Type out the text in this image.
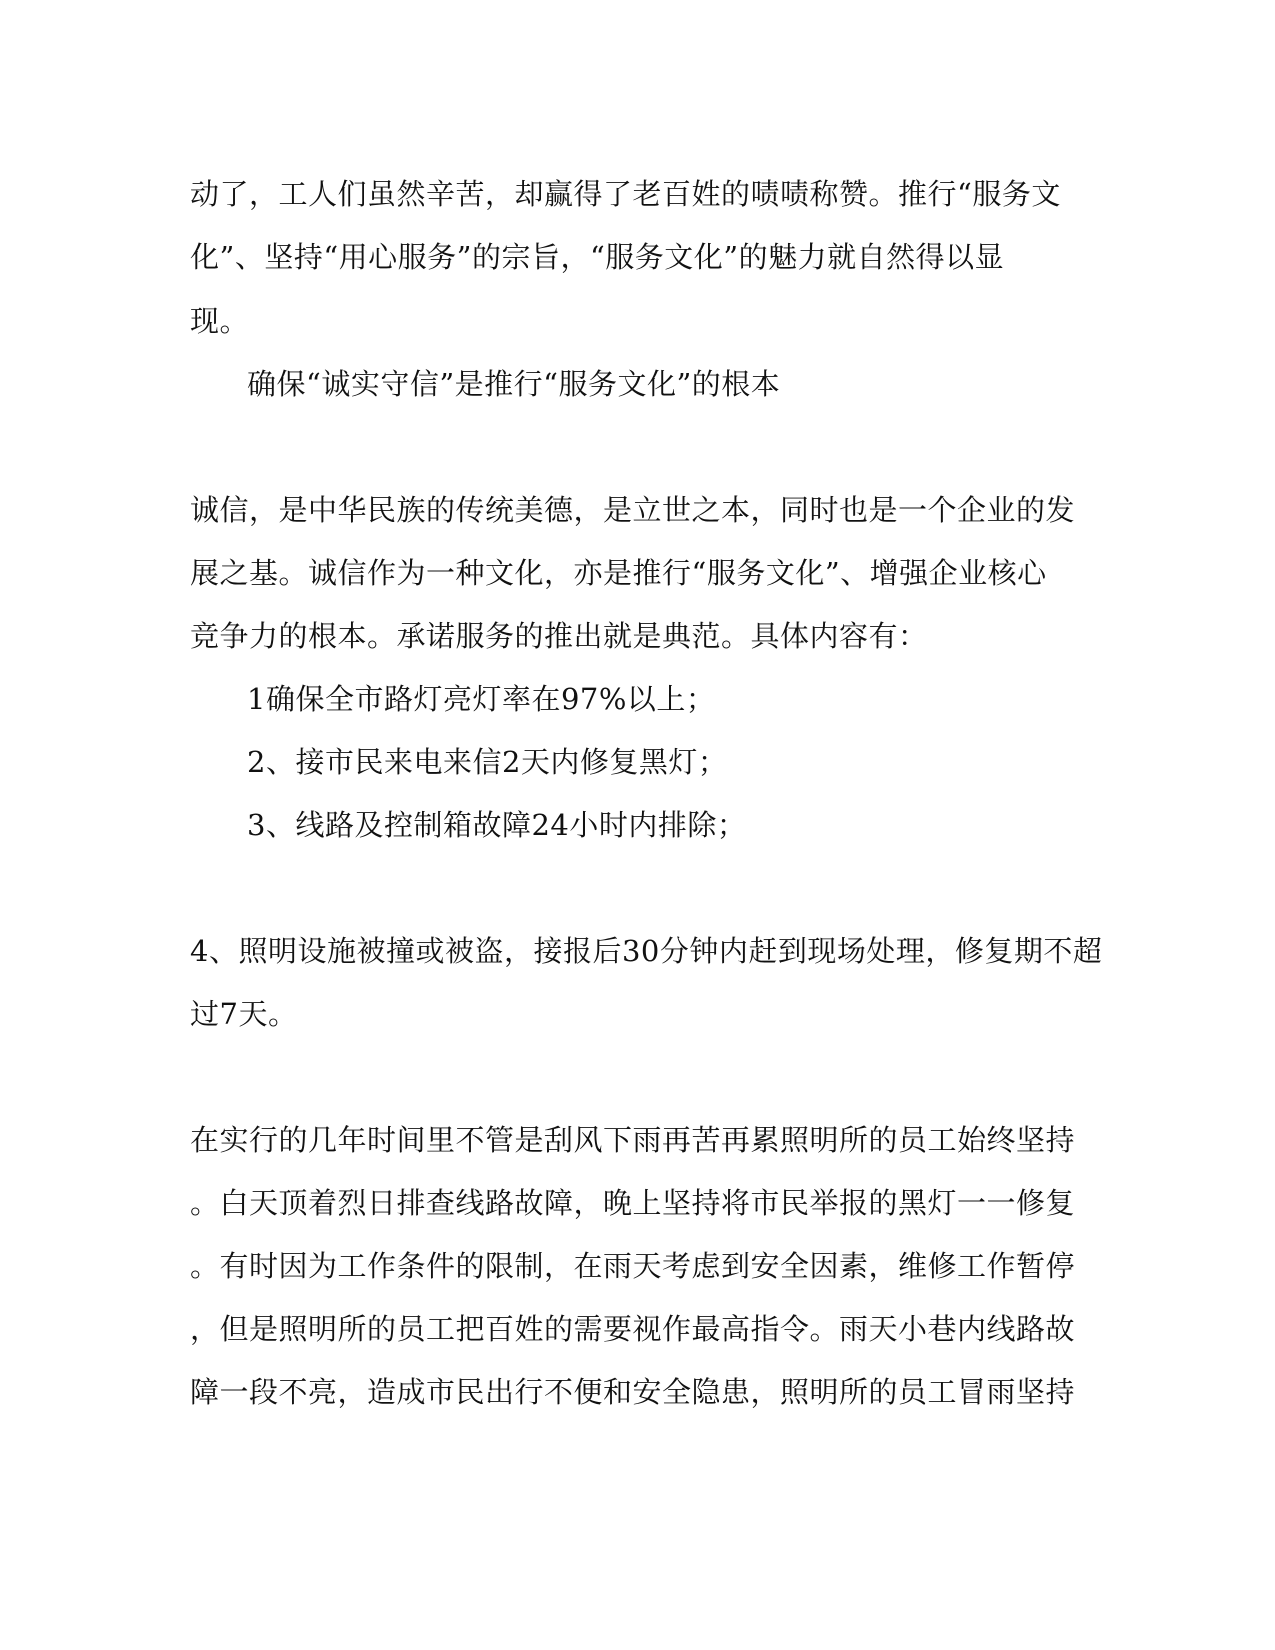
动了，工人们虽然辛苦，却赢得了老百姓的啧啧称赞。推行“服务文
化”、坚持“用心服务”的宗旨，“服务文化”的魅力就自然得以显
现。
确保“诚实守信”是推行“服务文化”的根本
诚信，是中华民族的传统美德，是立世之本，同时也是一个企业的发
展之基。诚信作为一种文化，亦是推行“服务文化”、增强企业核心
竞争力的根本。承诺服务的推出就是典范。具体内容有：
1确保全市路灯亮灯率在97%以上；
2、接市民来电来信2天内修复黑灯；
3、线路及控制箱故障24小时内排除；
4、照明设施被撞或被盗，接报后30分钟内赶到现场处理，修复期不超
过7天。
在实行的几年时间里不管是刮风下雨再苦再累照明所的员工始终坚持
。白天顶着烈日排查线路故障，晚上坚持将市民举报的黑灯一一修复
。有时因为工作条件的限制，在雨天考虑到安全因素，维修工作暂停
，但是照明所的员工把百姓的需要视作最高指令。雨天小巷内线路故
障一段不亮，造成市民出行不便和安全隐患，照明所的员工冒雨坚持
